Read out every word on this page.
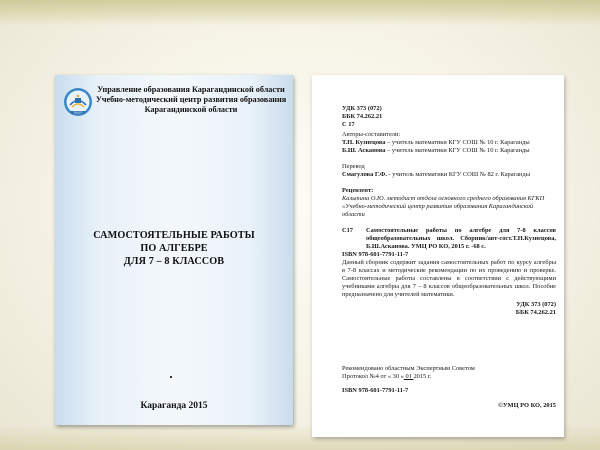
УМЦ РО
Управление образования Карагандинской области
Учебно-методический центр развития образования
Карагандинской области
САМОСТОЯТЕЛЬНЫЕ РАБОТЫ
ПО АЛГЕБРЕ
ДЛЯ 7 – 8 КЛАССОВ
Караганда 2015
УДК 373 (072)
ББК 74.262.21
С 17
Авторы-составители:
Т.Н. Кузнецова – учитель математики КГУ СОШ № 10 г. Караганды
Б.Ш. Асканова – учитель математики КГУ СОШ № 10 г. Караганды
Перевод
Смагулова Г.Ф. - учитель математики КГУ СОШ № 82 г. Караганды
Рецензент:
Кальтина О.Ю. методист отдела основного среднего образования КГКП «Учебно-методический центр развития образования Карагандинской области
С17	Самостоятельные работы по алгебре для 7-8 классов общеобразовательных школ. Сборник/авт-сост.Т.Н.Кузнецова, Б.Ш.Асканова. УМЦ РО КО, 2015 г. -68 с.
ISBN 978-601-7791-11-7
Данный сборник содержит задания самостоятельных работ по курсу алгебры в 7-8 классах и методические рекомендации по их проведению и проверке. Самостоятельные работы составлены в соответствии с действующими учебниками алгебры для 7 – 8 классов общеобразовательных школ. Пособие предназначено для учителей математики.
УДК 373 (072)
ББК 74.262.21
Рекомендовано областным Экспертным Советом
Протокол №4 от « 30 » 01 2015 г.
ISBN 978-601-7791-11-7
©УМЦ РО КО, 2015
